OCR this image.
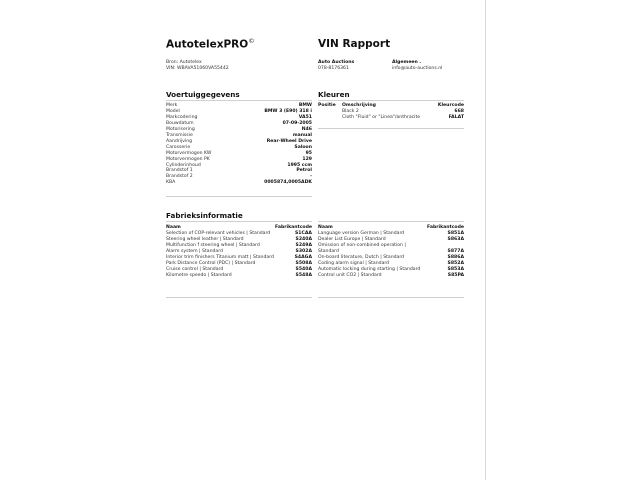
AutotelexPRO©	VIN Rapport
Bron: Autotelex
VIN: WBAVA51060VA55442
Auto Auctions
078-8176361
Algemeen .
info@auto-auctions.nl
Voertuiggegevens
Merk	BMW
Model	BMW 3 (E90) 318 i
Markcodering	VA51
Bouwdatum	07-09-2005
Motorisering	N46
Transmissie	manual
Aandrijving	Rear-Wheel Drive
Carosserie	Saloon
Motorvermogen KW	95
Motorvermogen PK	129
Cylinderinhoud	1995 ccm
Brandstof 1	Petrol
Brandstof 2	-
KBA	0005874,0005ADK
Kleuren
Positie	Omschrijving	Kleurcode
	Black 2	668
	Cloth "Fluid" or "Linea"/anthracite	FALAT
Fabrieksinformatie
Naam	Fabrikantcode
Selection of COP-relevant vehicles | Standard	S1CAA
Steering wheel leather | Standard	S240A
Multifunction f steering wheel | Standard	S249A
Alarm system | Standard	S302A
Interior trim finishers Titanium matt | Standard	S4AGA
Park Distance Control (PDC) | Standard	S508A
Cruise control | Standard	S540A
Kilometre speedo | Standard	S548A
Naam	Fabrikantcode
Language version German | Standard	S851A
Dealer List Europe | Standard	S863A
Omission of non-combined operation | Standard	S877A
On-board literature, Dutch | Standard	S886A
Coding alarm signal | Standard	S852A
Automatic locking during starting | Standard	S853A
Control unit CO2 | Standard	S85PA
